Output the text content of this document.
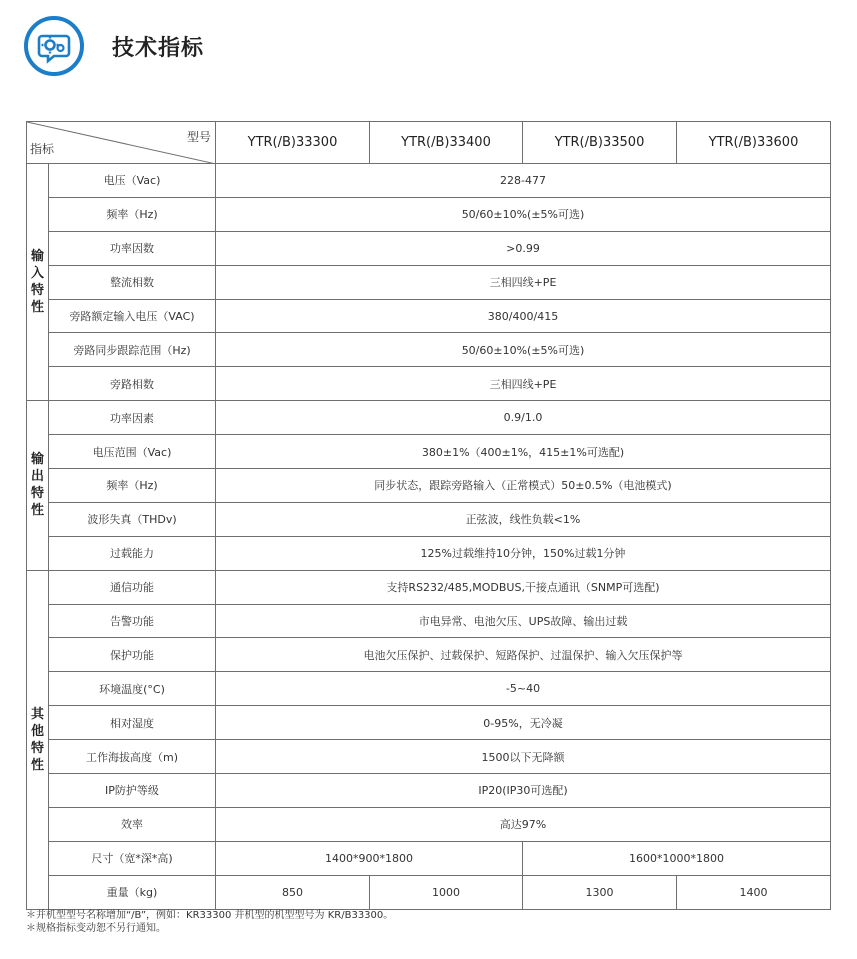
技术指标
型号
指标		YTR(/B)33300	YTR(/B)33400	YTR(/B)33500	YTR(/B)33600

输入特性	电压（Vac)	228-477			
	频率（Hz)	50/60±10%(±5%可选)			
	功率因数	>0.99			
	整流相数	三相四线+PE			
	旁路额定输入电压（VAC)	380/400/415			
	旁路同步跟踪范围（Hz)	50/60±10%(±5%可选)			
	旁路相数	三相四线+PE			

输出特性	功率因素	0.9/1.0			
	电压范围（Vac)	380±1%（400±1%，415±1%可选配)			
	频率（Hz)	同步状态，跟踪旁路输入（正常模式）50±0.5%（电池模式)			
	波形失真（THDv)	正弦波，线性负载<1%			
	过载能力	125%过载维持10分钟，150%过载1分钟			

其他特性	通信功能	支持RS232/485,MODBUS,干接点通讯（SNMP可选配)			
	告警功能	市电异常、电池欠压、UPS故障、输出过载			
	保护功能	电池欠压保护、过载保护、短路保护、过温保护、输入欠压保护等			
	环境温度(°C)	-5~40			
	相对湿度	0-95%，无冷凝			
	工作海拔高度（m)	1500以下无降额			
	IP防护等级	IP20(IP30可选配)			
	效率	高达97%			
	尺寸（宽*深*高)	1400*900*1800		1600*1000*1800	
	重量（kg)	850	1000	1300	1400
＊并机型型号名称增加“/B”，例如：KR33300 并机型的机型型号为 KR/B33300。
＊规格指标变动恕不另行通知。
